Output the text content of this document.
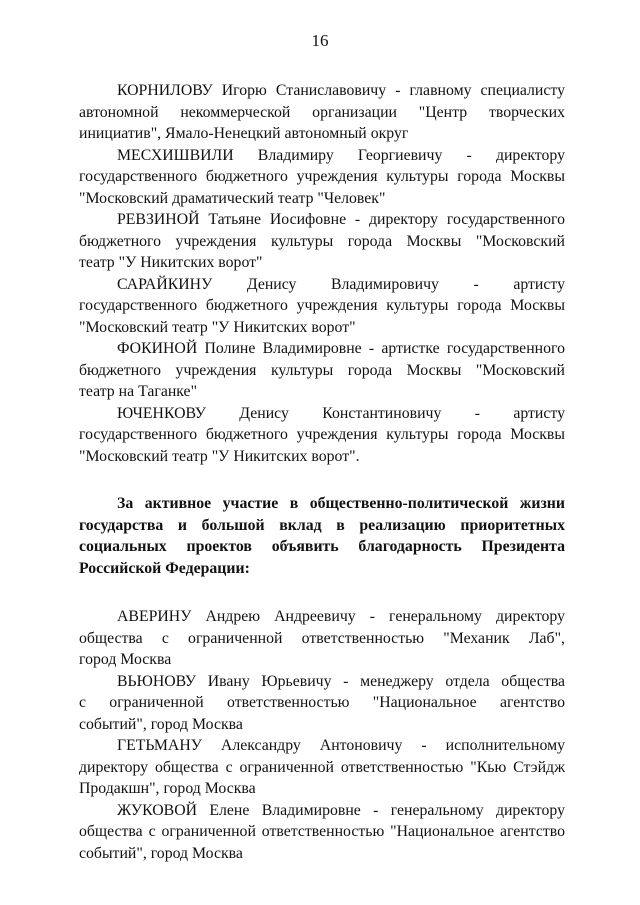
16
КОРНИЛОВУ Игорю Станиславовичу - главному специалисту
автономной некоммерческой организации "Центр творческих
инициатив", Ямало-Ненецкий автономный округ
МЕСХИШВИЛИ Владимиру Георгиевичу - директору
государственного бюджетного учреждения культуры города Москвы
"Московский драматический театр "Человек"
РЕВЗИНОЙ Татьяне Иосифовне - директору государственного
бюджетного учреждения культуры города Москвы "Московский
театр "У Никитских ворот"
САРАЙКИНУ Денису Владимировичу - артисту
государственного бюджетного учреждения культуры города Москвы
"Московский театр "У Никитских ворот"
ФОКИНОЙ Полине Владимировне - артистке государственного
бюджетного учреждения культуры города Москвы "Московский
театр на Таганке"
ЮЧЕНКОВУ Денису Константиновичу - артисту
государственного бюджетного учреждения культуры города Москвы
"Московский театр "У Никитских ворот".
За активное участие в общественно-политической жизни
государства и большой вклад в реализацию приоритетных
социальных проектов объявить благодарность Президента
Российской Федерации:
АВЕРИНУ Андрею Андреевичу - генеральному директору
общества с ограниченной ответственностью "Механик Лаб",
город Москва
ВЬЮНОВУ Ивану Юрьевичу - менеджеру отдела общества
с ограниченной ответственностью "Национальное агентство
событий", город Москва
ГЕТЬМАНУ Александру Антоновичу - исполнительному
директору общества с ограниченной ответственностью "Кью Стэйдж
Продакшн", город Москва
ЖУКОВОЙ Елене Владимировне - генеральному директору
общества с ограниченной ответственностью "Национальное агентство
событий", город Москва
